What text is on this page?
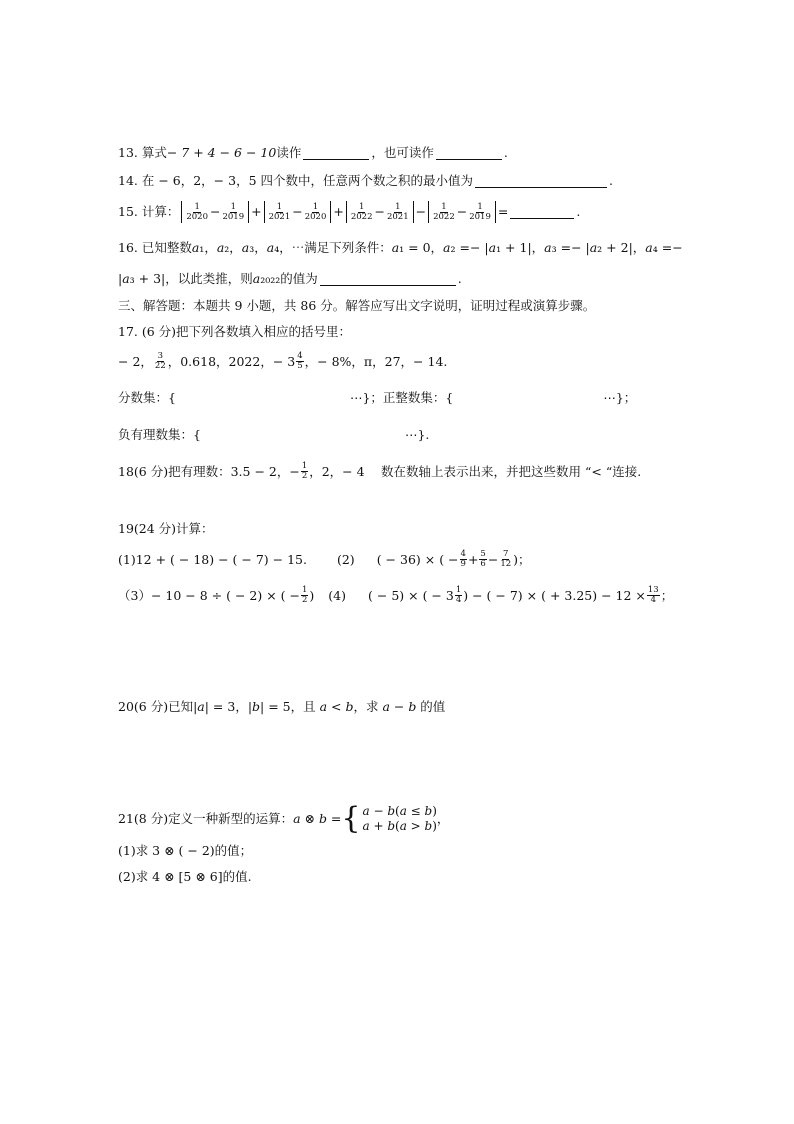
13. 算式 − 7 + 4 − 6 − 10 读作	，也可读作	.
14. 在 − 6，2，− 3，5 四个数中，任意两个数之积的最小值为	.
15. 计算： $\frac{1}{2020} - \frac{1}{2019} + \frac{1}{2021} - \frac{1}{2020} + \frac{1}{2022} - \frac{1}{2021} - \frac{1}{2022} - \frac{1}{2019}$ =	.
16. 已知整数𝑎₁，𝑎₂，𝑎₃，𝑎₄，⋯满足下列条件：𝑎₁ = 0，𝑎₂ =− |𝑎₁ + 1|，𝑎₃ =− |𝑎₂ + 2|，𝑎₄ =−
|𝑎₃ + 3|，以此类推，则𝑎₂₀₂₂的值为	.
三、解答题：本题共 9 小题，共 86 分。解答应写出文字说明，证明过程或演算步骤。
17. (6 分)把下列各数填入相应的括号里：
− 2， $\frac{3}{22}$ ，0.618，2022，− $3 \frac{4}{5}$ ，− 8%，π，27，− 14.
分数集：{	⋯}； 正整数集：{	⋯}；
负有理数集：{	⋯}.
18(6 分)把有理数：3.5 − 2，− $\frac{1}{2}$ ，2，− 4　 数在数轴上表示出来，并把这些数用 “< “连接.
19(24 分)计算：
(1)12 + ( − 18) − ( − 7) − 15. (2) ( − 36) × ( − $\frac{4}{9} + \frac{5}{6} - \frac{7}{12}$ )；
（3）− 10 − 8 ÷ ( − 2) × ( − $\frac{1}{2}$ ) (4) ( − 5) × ( − $3 \frac{1}{4}$ ) − ( − 7) × ( + $3.25) - 12 \times \frac{13}{4}$ ；
20(6 分)已知|𝑎| = 3，|𝑏| = 5，且 𝑎 < 𝑏，求 𝑎 − 𝑏 的值
21(8 分)定义一种新型的运算：𝑎 ⊗ 𝑏 = { 𝑎 − 𝑏(𝑎 ≤ 𝑏)
𝑎 + 𝑏(𝑎 > 𝑏) ，
(1)求 3 ⊗ ( − 2)的值；
(2)求 4 ⊗ [5 ⊗ 6]的值.
